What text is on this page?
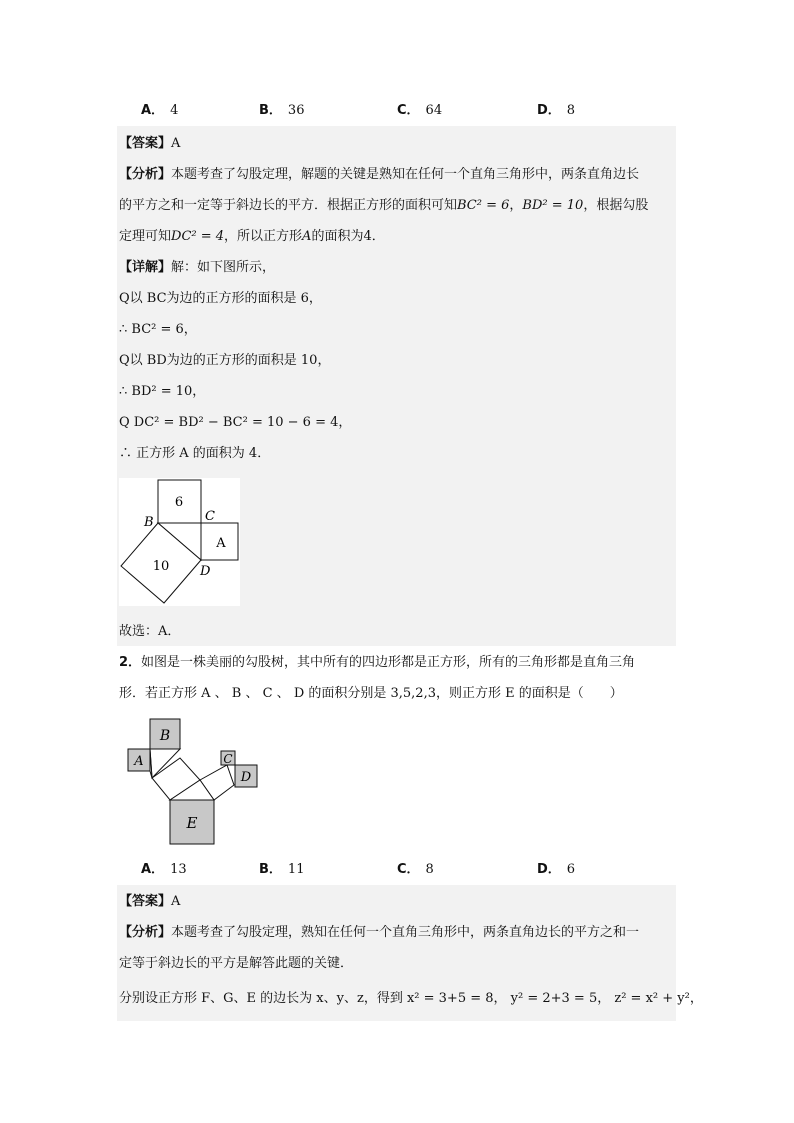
A． 4	B． 36	C． 64	D． 8
【答案】A
【分析】本题考查了勾股定理，解题的关键是熟知在任何一个直角三角形中，两条直角边长
的平方之和一定等于斜边长的平方．根据正方形的面积可知BC² = 6，BD² = 10，根据勾股
定理可知DC² = 4，所以正方形A的面积为4．
【详解】解：如下图所示，
Q以 BC为边的正方形的面积是 6，
∴ BC² = 6，
Q以 BD为边的正方形的面积是 10，
∴ BD² = 10，
Q DC² = BD² − BC² = 10 − 6 = 4，
∴ 正方形 A 的面积为 4．
6
A
10
B	C
D
故选：A．
2．如图是一株美丽的勾股树，其中所有的四边形都是正方形，所有的三角形都是直角三角
形．若正方形 A 、 B 、 C 、 D 的面积分别是 3,5,2,3，则正方形 E 的面积是（　　）
B
A	C
D
E
A． 13	B． 11	C． 8	D． 6
【答案】A
【分析】本题考查了勾股定理，熟知在任何一个直角三角形中，两条直角边长的平方之和一
定等于斜边长的平方是解答此题的关键．
分别设正方形 F、G、E 的边长为 x、y、z，得到 x² = 3+5 = 8， y² = 2+3 = 5， z² = x² + y²，
